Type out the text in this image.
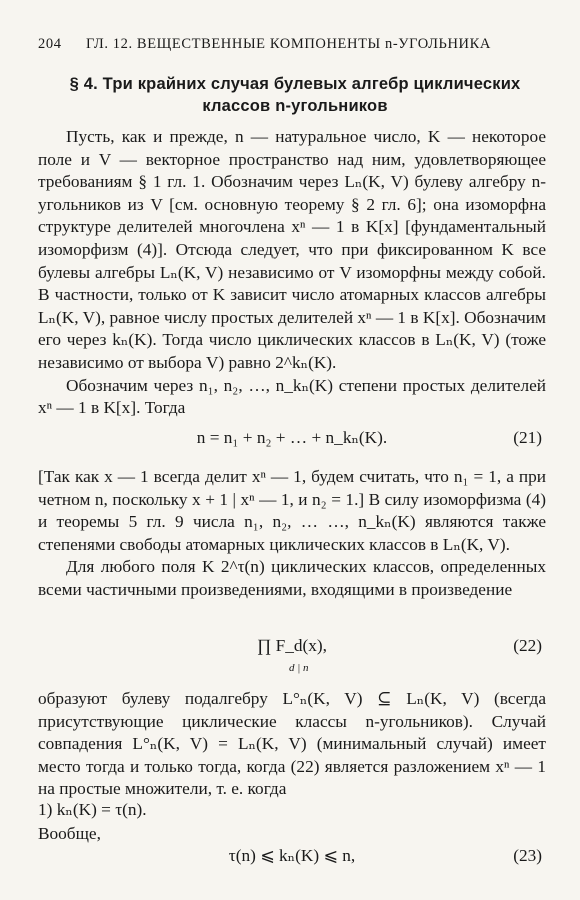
204 ГЛ. 12. ВЕЩЕСТВЕННЫЕ КОМПОНЕНТЫ n-УГОЛЬНИКА
§ 4. Три крайних случая булевых алгебр циклических
классов n-угольников

Пусть, как и прежде, n — натуральное число, K — некоторое поле и V — векторное пространство над ним, удовлетворяющее требованиям § 1 гл. 1. Обозначим через Lₙ(K, V) булеву алгебру n-угольников из V [см. основную теорему § 2 гл. 6]; она изоморфна структуре делителей многочлена xⁿ — 1 в K[x] [фундаментальный изоморфизм (4)]. Отсюда следует, что при фиксированном K все булевы алгебры Lₙ(K, V) независимо от V изоморфны между собой. В частности, только от K зависит число атомарных классов алгебры Lₙ(K, V), равное числу простых делителей xⁿ — 1 в K[x]. Обозначим его через kₙ(K). Тогда число циклических классов в Lₙ(K, V) (тоже независимо от выбора V) равно 2^kₙ(K).

Обозначим через n₁, n₂, …, n_kₙ(K) степени простых делителей xⁿ — 1 в K[x]. Тогда

n = n₁ + n₂ + … + n_kₙ(K).	(21)

[Так как x — 1 всегда делит xⁿ — 1, будем считать, что n₁ = 1, а при четном n, поскольку x + 1 | xⁿ — 1, и n₂ = 1.] В силу изоморфизма (4) и теоремы 5 гл. 9 числа n₁, n₂, … …, n_kₙ(K) являются также степенями свободы атомарных циклических классов в Lₙ(K, V).

Для любого поля K 2^τ(n) циклических классов, определенных всеми частичными произведениями, входящими в произведение

∏ F_d(x),
d | n
(22)

образуют булеву подалгебру L°ₙ(K, V) ⊆ Lₙ(K, V) (всегда присутствующие циклические классы n-угольников). Случай совпадения L°ₙ(K, V) = Lₙ(K, V) (минимальный случай) имеет место тогда и только тогда, когда (22) является разложением xⁿ — 1 на простые множители, т. е. когда

1) kₙ(K) = τ(n).
Вообще,
τ(n) ⩽ kₙ(K) ⩽ n,	(23)
